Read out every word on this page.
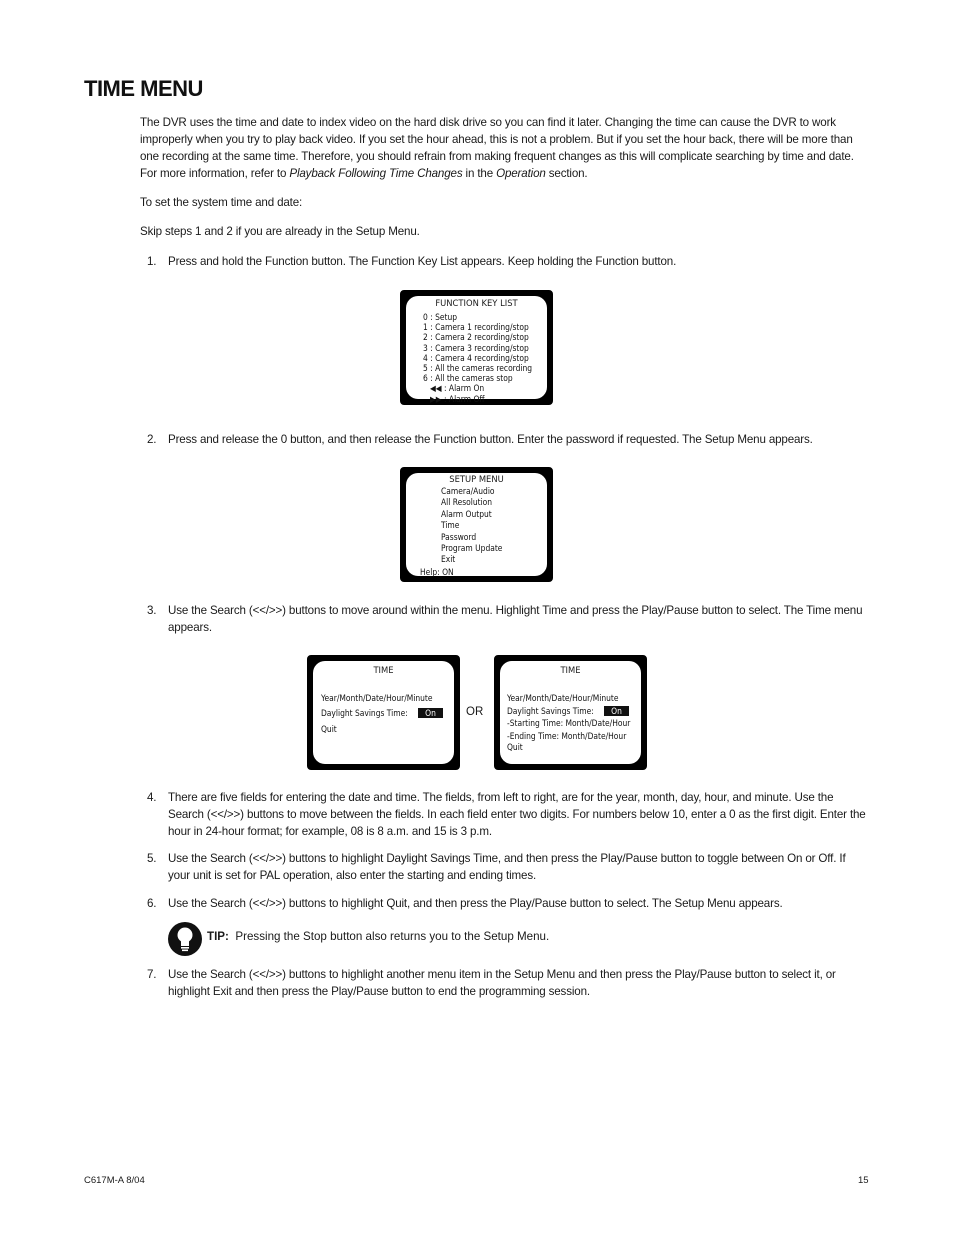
TIME MENU

The DVR uses the time and date to index video on the hard disk drive so you can find it later. Changing the time can cause the DVR to work improperly when you try to play back video. If you set the hour ahead, this is not a problem. But if you set the hour back, there will be more than one recording at the same time. Therefore, you should refrain from making frequent changes as this will complicate searching by time and date. For more information, refer to Playback Following Time Changes in the Operation section.

To set the system time and date:

Skip steps 1 and 2 if you are already in the Setup Menu.

1. Press and hold the Function button. The Function Key List appears. Keep holding the Function button.
FUNCTION KEY LIST
0 : Setup
1 : Camera 1 recording/stop
2 : Camera 2 recording/stop
3 : Camera 3 recording/stop
4 : Camera 4 recording/stop
5 : All the cameras recording
6 : All the cameras stop
◀◀ : Alarm On
▶▶ : Alarm Off
2. Press and release the 0 button, and then release the Function button. Enter the password if requested. The Setup Menu appears.
SETUP MENU
Camera/Audio
All Resolution
Alarm Output
Time
Password
Program Update
Exit
Help: ON
3. Use the Search (<</>>) buttons to move around within the menu. Highlight Time and press the Play/Pause button to select. The Time menu appears.
TIME
Year/Month/Date/Hour/Minute
Daylight Savings Time: On
Quit
OR
TIME
Year/Month/Date/Hour/Minute
Daylight Savings Time: On
-Starting Time: Month/Date/Hour
-Ending Time: Month/Date/Hour
Quit
4. There are five fields for entering the date and time. The fields, from left to right, are for the year, month, day, hour, and minute. Use the Search (<</>>) buttons to move between the fields. In each field enter two digits. For numbers below 10, enter a 0 as the first digit. Enter the hour in 24-hour format; for example, 08 is 8 a.m. and 15 is 3 p.m.
5. Use the Search (<</>>) buttons to highlight Daylight Savings Time, and then press the Play/Pause button to toggle between On or Off. If your unit is set for PAL operation, also enter the starting and ending times.
6. Use the Search (<</>>) buttons to highlight Quit, and then press the Play/Pause button to select. The Setup Menu appears.
TIP: Pressing the Stop button also returns you to the Setup Menu.
7. Use the Search (<</>>) buttons to highlight another menu item in the Setup Menu and then press the Play/Pause button to select it, or highlight Exit and then press the Play/Pause button to end the programming session.
C617M-A 8/04	15
